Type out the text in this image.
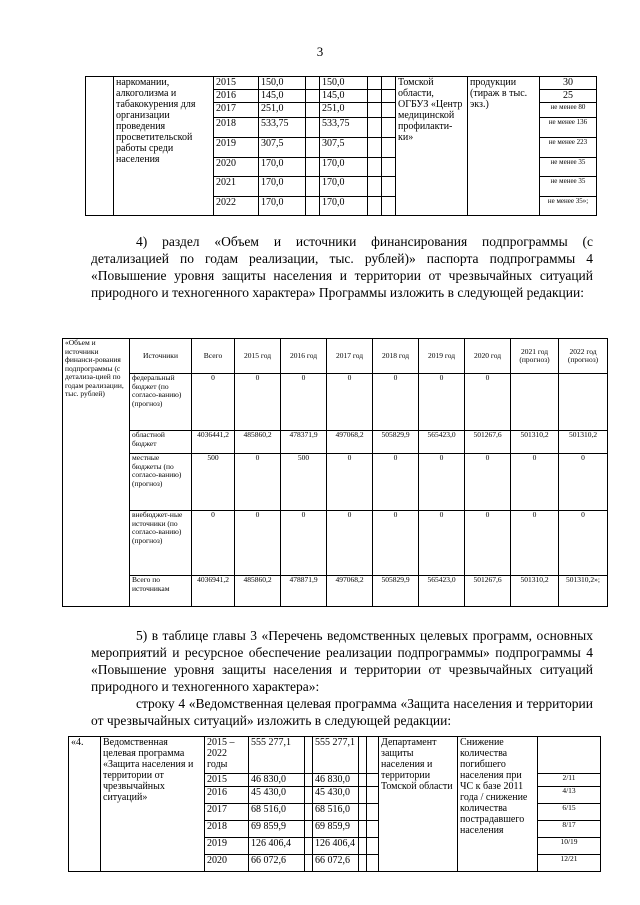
3
	наркомании, алкоголизма и табакокурения для организации проведения просветительской работы среди населения	2015	150,0		150,0			Томской области, ОГБУЗ «Центр медицинской профилакти-ки»	продукции (тираж в тыс. экз.)	30
		2016	145,0		145,0					25
		2017	251,0		251,0					не менее 80
		2018	533,75		533,75					не менее 136
		2019	307,5		307,5					не менее 223
		2020	170,0		170,0					не менее 35
		2021	170,0		170,0					не менее 35
		2022	170,0		170,0					не менее 35»;
4) раздел «Объем и источники финансирования подпрограммы (с детализацией по годам реализации, тыс. рублей)» паспорта подпрограммы 4 «Повышение уровня защиты населения и территории от чрезвычайных ситуаций природного и техногенного характера» Программы изложить в следующей редакции:
«Объем и источники финанси-рования подпрограммы (с детализа-цией по годам реализации, тыс. рублей)	Источники	Всего	2015 год	2016 год	2017 год	2018 год	2019 год	2020 год	2021 год (прогноз)	2022 год (прогноз)
	федеральный бюджет (по согласо-ванию) (прогноз)	0	0	0	0	0	0	0		
	областной бюджет	4036441,2	485860,2	478371,9	497068,2	505829,9	565423,0	501267,6	501310,2	501310,2
	местные бюджеты (по согласо-ванию) (прогноз)	500	0	500	0	0	0	0	0	0
	внебюджет-ные источники (по согласо-ванию) (прогноз)	0	0	0	0	0	0	0	0	0
	Всего по источникам	4036941,2	485860,2	478871,9	497068,2	505829,9	565423,0	501267,6	501310,2	501310,2»;
5) в таблице главы 3 «Перечень ведомственных целевых программ, основных мероприятий и ресурсное обеспечение реализации подпрограммы» подпрограммы 4 «Повышение уровня защиты населения и территории от чрезвычайных ситуаций природного и техногенного характера»:
строку 4 «Ведомственная целевая программа «Защита населения и территории от чрезвычайных ситуаций» изложить в следующей редакции:
«4.	Ведомственная целевая программа «Защита населения и территории от чрезвычайных ситуаций»	2015 – 2022 годы	555 277,1		555 277,1			Департамент защиты населения и территории Томской области	Снижение количества погибшего населения при ЧС к базе 2011 года / снижение количества пострадавшего населения	
		2015	46 830,0		46 830,0					2/11
		2016	45 430,0		45 430,0					4/13
		2017	68 516,0		68 516,0					6/15
		2018	69 859,9		69 859,9					8/17
		2019	126 406,4		126 406,4					10/19
		2020	66 072,6		66 072,6					12/21
